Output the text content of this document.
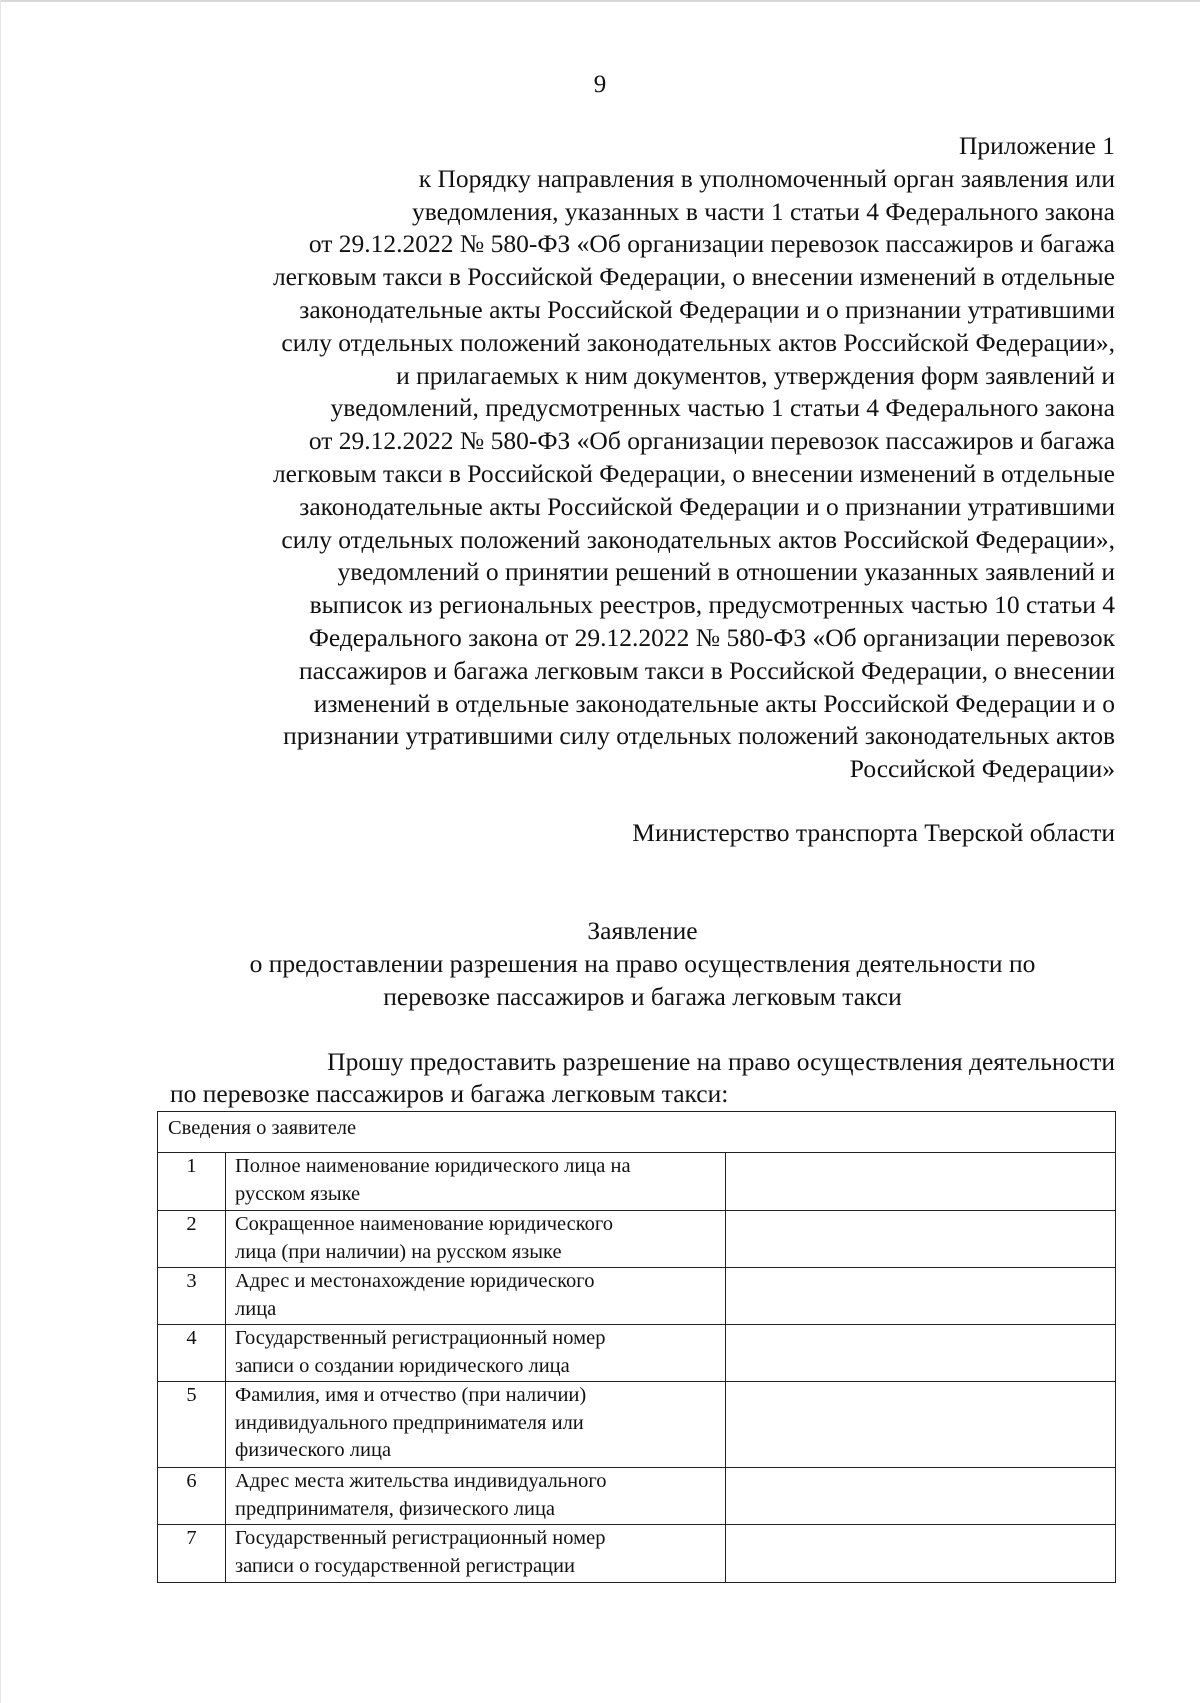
9
Приложение 1
к Порядку направления в уполномоченный орган заявления или
уведомления, указанных в части 1 статьи 4 Федерального закона
от 29.12.2022 № 580-ФЗ «Об организации перевозок пассажиров и багажа
легковым такси в Российской Федерации, о внесении изменений в отдельные
законодательные акты Российской Федерации и о признании утратившими
силу отдельных положений законодательных актов Российской Федерации»,
и прилагаемых к ним документов, утверждения форм заявлений и
уведомлений, предусмотренных частью 1 статьи 4 Федерального закона
от 29.12.2022 № 580-ФЗ «Об организации перевозок пассажиров и багажа
легковым такси в Российской Федерации, о внесении изменений в отдельные
законодательные акты Российской Федерации и о признании утратившими
силу отдельных положений законодательных актов Российской Федерации»,
уведомлений о принятии решений в отношении указанных заявлений и
выписок из региональных реестров, предусмотренных частью 10 статьи 4
Федерального закона от 29.12.2022 № 580-ФЗ «Об организации перевозок
пассажиров и багажа легковым такси в Российской Федерации, о внесении
изменений в отдельные законодательные акты Российской Федерации и о
признании утратившими силу отдельных положений законодательных актов
Российской Федерации»
Министерство транспорта Тверской области
Заявление
о предоставлении разрешения на право осуществления деятельности по
перевозке пассажиров и багажа легковым такси
Прошу предоставить разрешение на право осуществления деятельности
по перевозке пассажиров и багажа легковым такси:
Сведения о заявителе		
1	Полное наименование юридического лица на
русском языке	
2	Сокращенное наименование юридического
лица (при наличии) на русском языке	
3	Адрес и местонахождение юридического
лица	
4	Государственный регистрационный номер
записи о создании юридического лица	
5	Фамилия, имя и отчество (при наличии)
индивидуального предпринимателя или
физического лица	
6	Адрес места жительства индивидуального
предпринимателя, физического лица	
7	Государственный регистрационный номер
записи о государственной регистрации	
